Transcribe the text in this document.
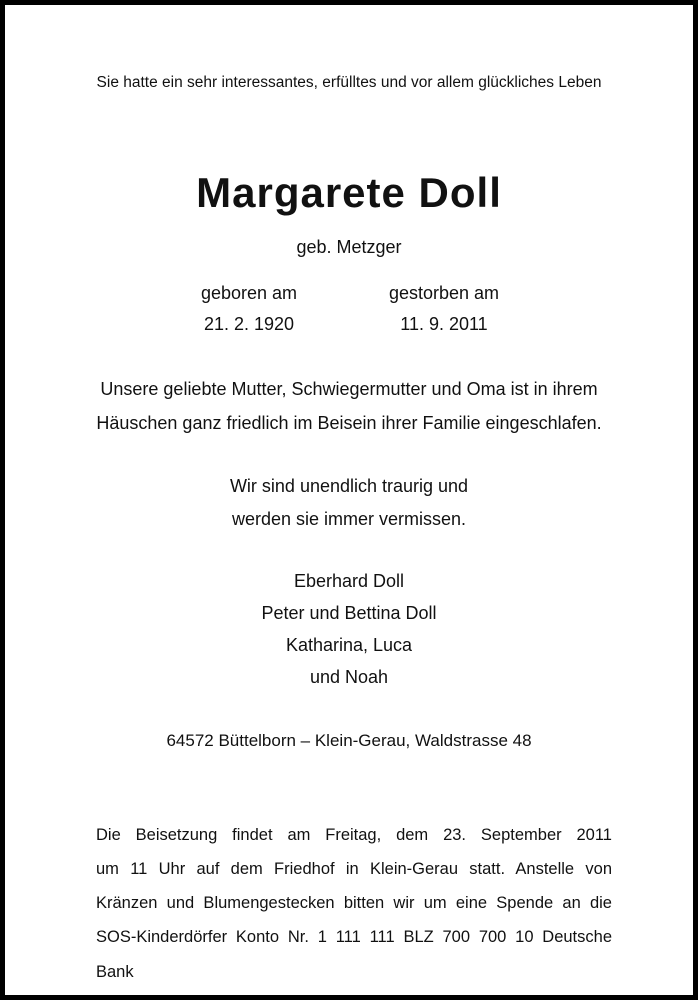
Sie hatte ein sehr interessantes, erfülltes und vor allem glückliches Leben
Margarete Doll
geb. Metzger
geboren am	gestorben am
21. 2. 1920	11. 9. 2011
Unsere geliebte Mutter, Schwiegermutter und Oma ist in ihrem
Häuschen ganz friedlich im Beisein ihrer Familie eingeschlafen.
Wir sind unendlich traurig und
werden sie immer vermissen.
Eberhard Doll
Peter und Bettina Doll
Katharina, Luca
und Noah
64572 Büttelborn – Klein-Gerau, Waldstrasse 48
Die Beisetzung findet am Freitag, dem 23. September 2011
um 11 Uhr auf dem Friedhof in Klein-Gerau statt. Anstelle von
Kränzen und Blumengestecken bitten wir um eine Spende an die
SOS-Kinderdörfer Konto Nr. 1 111 111 BLZ 700 700 10 Deutsche Bank
